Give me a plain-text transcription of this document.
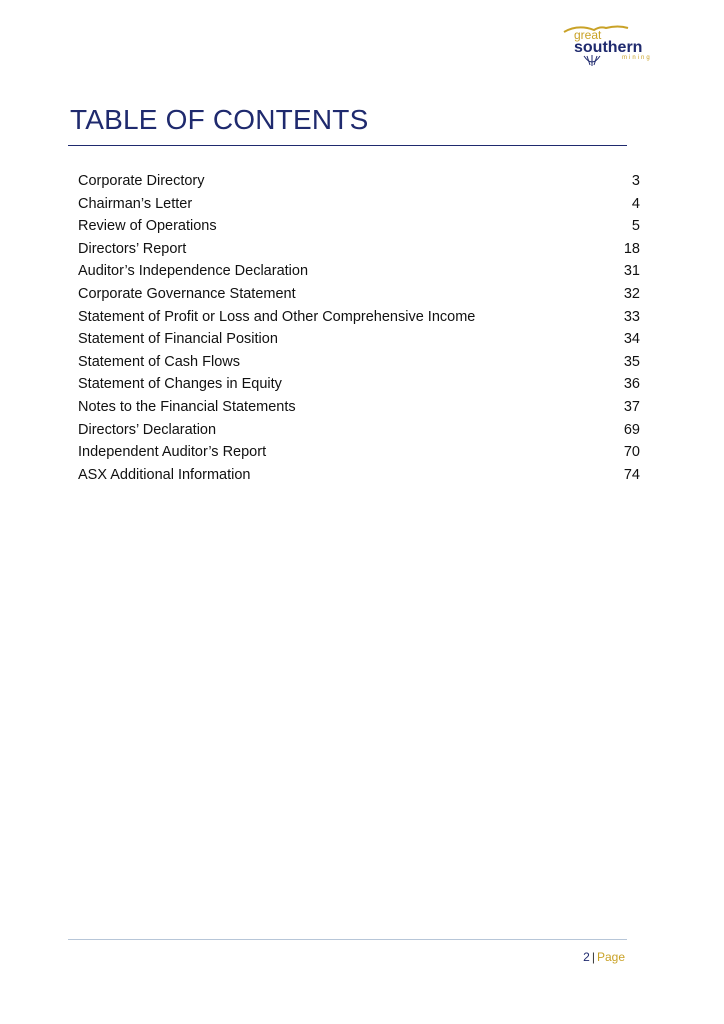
great
southern
mining
TABLE OF CONTENTS
Corporate Directory	3
Chairman’s Letter	4
Review of Operations	5
Directors’ Report	18
Auditor’s Independence Declaration	31
Corporate Governance Statement	32
Statement of Profit or Loss and Other Comprehensive Income	33
Statement of Financial Position	34
Statement of Cash Flows	35
Statement of Changes in Equity	36
Notes to the Financial Statements	37
Directors’ Declaration	69
Independent Auditor’s Report	70
ASX Additional Information	74
2 | Page
